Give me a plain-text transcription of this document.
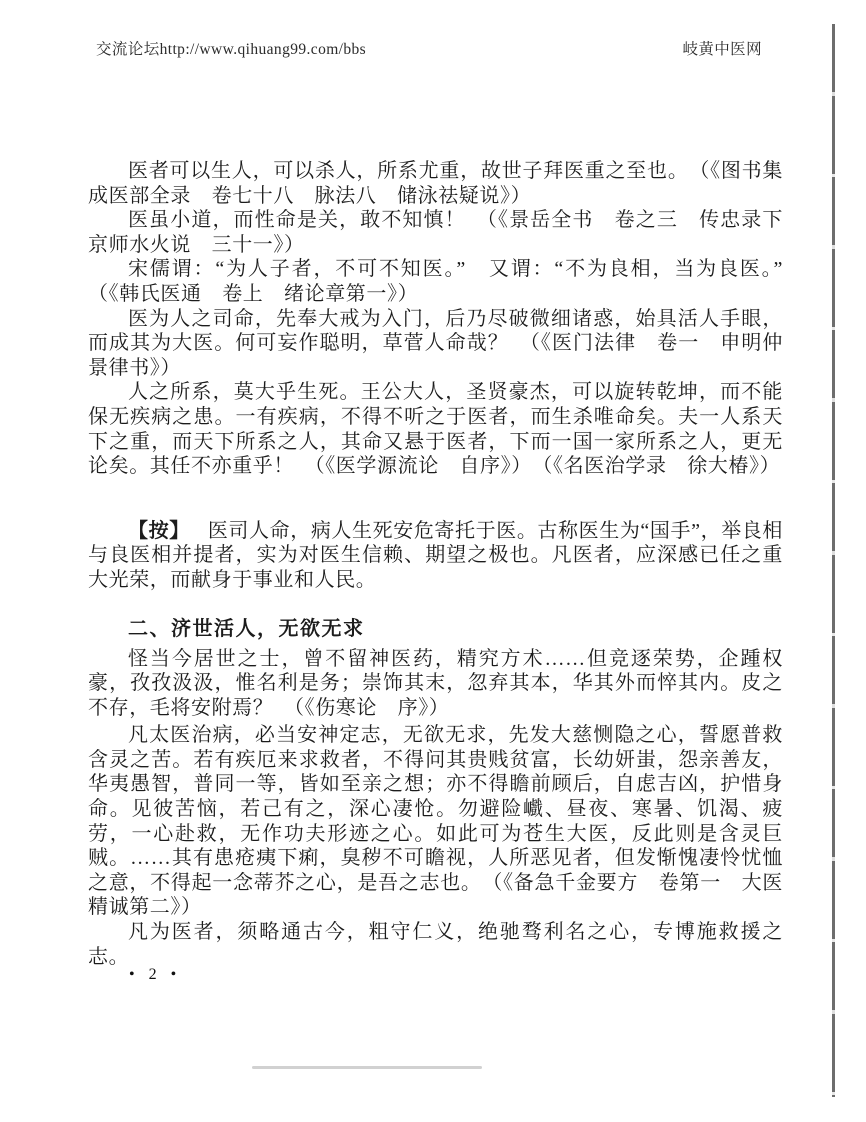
交流论坛http://www.qihuang99.com/bbs	岐黄中医网

医者可以生人，可以杀人，所系尤重，故世子拜医重之至也。　（《图书集成医部全录　卷七十八　脉法八　储泳祛疑说》）

医虽小道，而性命是关，敢不知慎！　（《景岳全书　卷之三　传忠录下　京师水火说　三十一》）

宋儒谓：“为人子者，不可不知医。”　又谓：“不为良相，当为良医。”　（《韩氏医通　卷上　绪论章第一》）

医为人之司命，先奉大戒为入门，后乃尽破微细诸惑，始具活人手眼，而成其为大医。何可妄作聪明，草菅人命哉？　（《医门法律　卷一　申明仲景律书》）

人之所系，莫大乎生死。王公大人，圣贤豪杰，可以旋转乾坤，而不能保无疾病之患。一有疾病，不得不听之于医者，而生杀唯命矣。夫一人系天下之重，而天下所系之人，其命又悬于医者，下而一国一家所系之人，更无论矣。其任不亦重乎！　（《医学源流论　自序》）　（《名医治学录　徐大椿》）

【按】 医司人命，病人生死安危寄托于医。古称医生为“国手”，举良相与良医相并提者，实为对医生信赖、期望之极也。凡医者，应深感已任之重大光荣，而献身于事业和人民。

二、济世活人，无欲无求

怪当今居世之士，曾不留神医药，精究方术……但竞逐荣势，企踵权豪，孜孜汲汲，惟名利是务；崇饰其末，忽弃其本，华其外而悴其内。皮之不存，毛将安附焉？　（《伤寒论　序》）

凡太医治病，必当安神定志，无欲无求，先发大慈恻隐之心，誓愿普救含灵之苦。若有疾厄来求救者，不得问其贵贱贫富，长幼妍蚩，怨亲善友，华夷愚智，普同一等，皆如至亲之想；亦不得瞻前顾后，自虑吉凶，护惜身命。见彼苦恼，若己有之，深心凄怆。勿避险巇、昼夜、寒暑、饥渴、疲劳，一心赴救，无作功夫形迹之心。如此可为苍生大医，反此则是含灵巨贼。……其有患疮痍下痢，臭秽不可瞻视，人所恶见者，但发惭愧凄怜忧恤之意，不得起一念蒂芥之心，是吾之志也。　（《备急千金要方　卷第一　大医精诚第二》）

凡为医者，须略通古今，粗守仁义，绝驰骛利名之心，专博施救援之志。

• 2 •
